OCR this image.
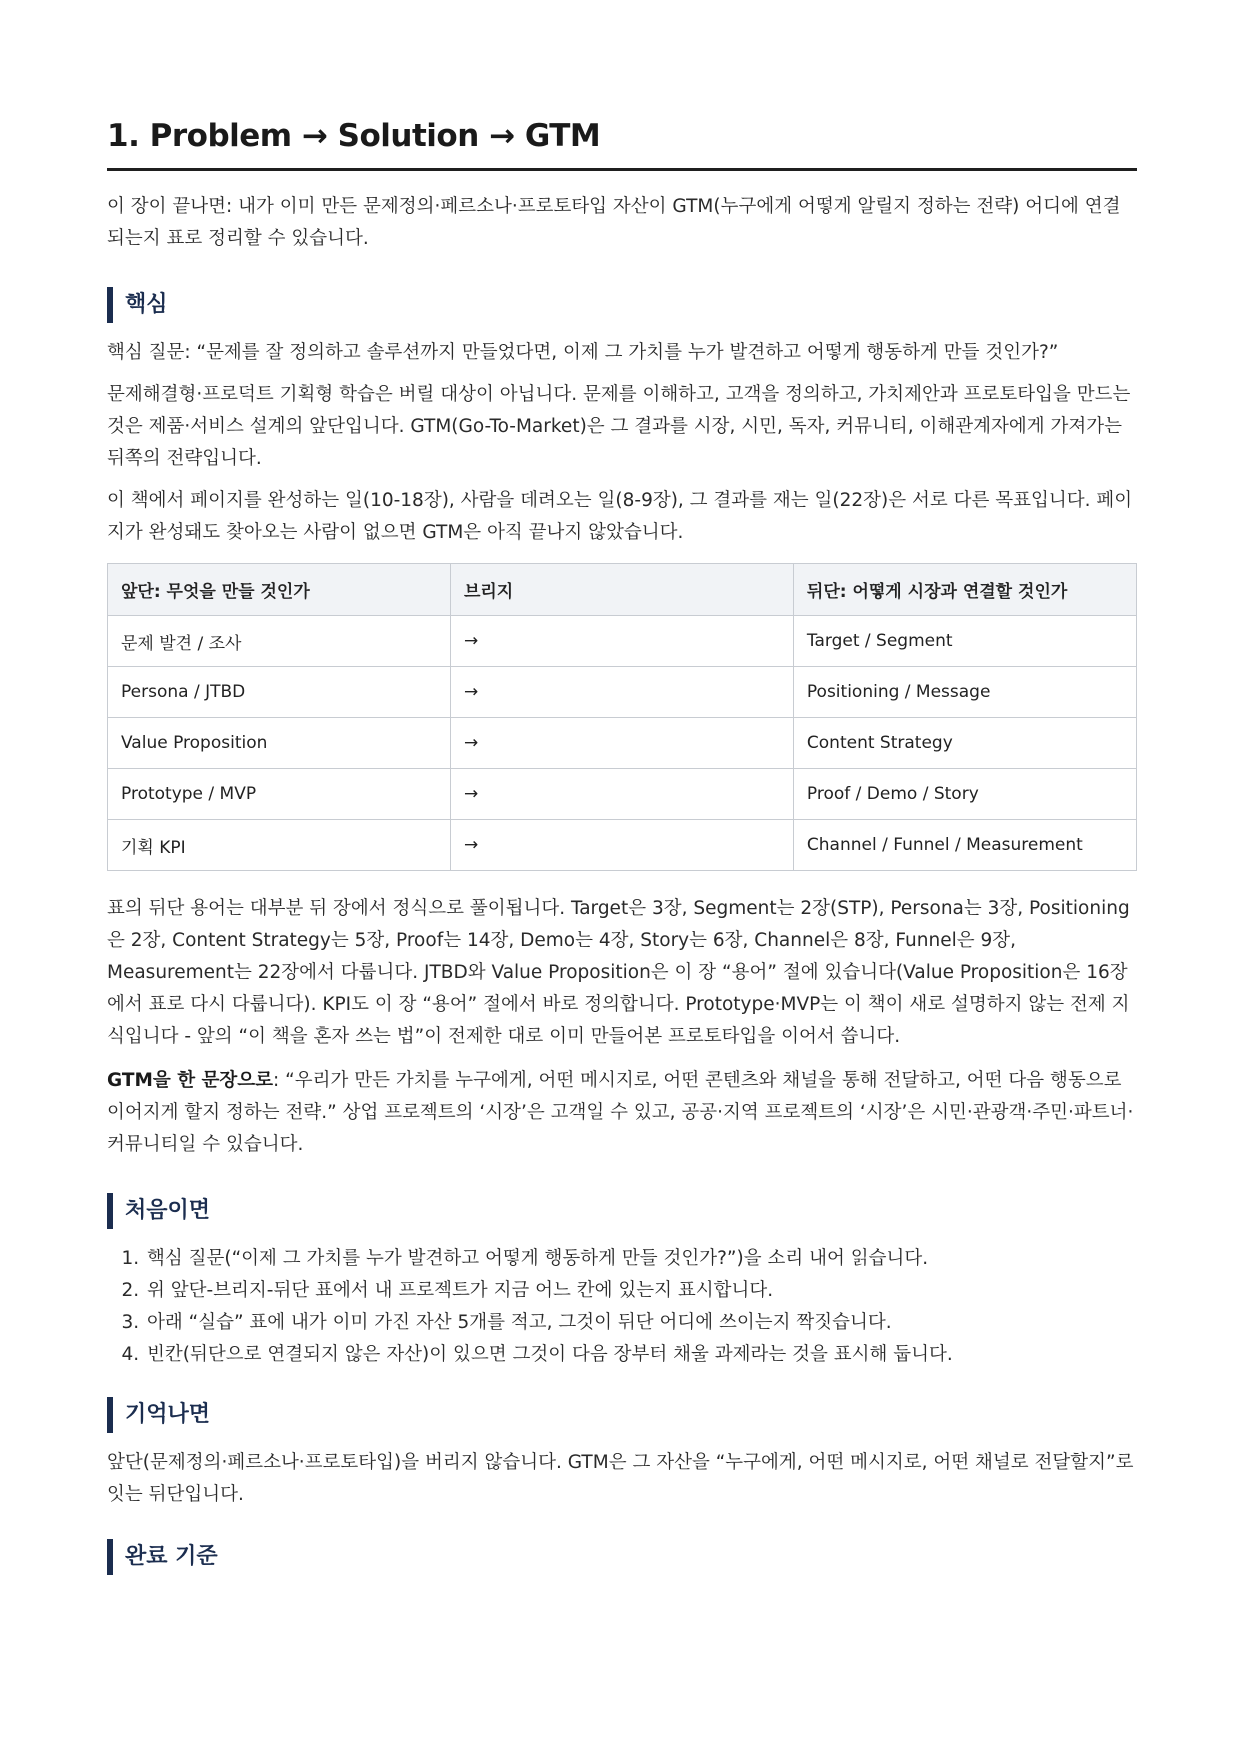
1. Problem → Solution → GTM

이 장이 끝나면: 내가 이미 만든 문제정의·페르소나·프로토타입 자산이 GTM(누구에게 어떻게 알릴지 정하는 전략) 어디에 연결되는지 표로 정리할 수 있습니다.

핵심

핵심 질문: “문제를 잘 정의하고 솔루션까지 만들었다면, 이제 그 가치를 누가 발견하고 어떻게 행동하게 만들 것인가?”

문제해결형·프로덕트 기획형 학습은 버릴 대상이 아닙니다. 문제를 이해하고, 고객을 정의하고, 가치제안과 프로토타입을 만드는 것은 제품·서비스 설계의 앞단입니다. GTM(Go-To-Market)은 그 결과를 시장, 시민, 독자, 커뮤니티, 이해관계자에게 가져가는 뒤쪽의 전략입니다.

이 책에서 페이지를 완성하는 일(10-18장), 사람을 데려오는 일(8-9장), 그 결과를 재는 일(22장)은 서로 다른 목표입니다. 페이지가 완성돼도 찾아오는 사람이 없으면 GTM은 아직 끝나지 않았습니다.

앞단: 무엇을 만들 것인가	브리지	뒤단: 어떻게 시장과 연결할 것인가
문제 발견 / 조사	→	Target / Segment
Persona / JTBD	→	Positioning / Message
Value Proposition	→	Content Strategy
Prototype / MVP	→	Proof / Demo / Story
기획 KPI	→	Channel / Funnel / Measurement

표의 뒤단 용어는 대부분 뒤 장에서 정식으로 풀이됩니다. Target은 3장, Segment는 2장(STP), Persona는 3장, Positioning은 2장, Content Strategy는 5장, Proof는 14장, Demo는 4장, Story는 6장, Channel은 8장, Funnel은 9장, Measurement는 22장에서 다룹니다. JTBD와 Value Proposition은 이 장 “용어” 절에 있습니다(Value Proposition은 16장에서 표로 다시 다룹니다). KPI도 이 장 “용어” 절에서 바로 정의합니다. Prototype·MVP는 이 책이 새로 설명하지 않는 전제 지식입니다 - 앞의 “이 책을 혼자 쓰는 법”이 전제한 대로 이미 만들어본 프로토타입을 이어서 씁니다.

GTM을 한 문장으로: “우리가 만든 가치를 누구에게, 어떤 메시지로, 어떤 콘텐츠와 채널을 통해 전달하고, 어떤 다음 행동으로 이어지게 할지 정하는 전략.” 상업 프로젝트의 ‘시장’은 고객일 수 있고, 공공·지역 프로젝트의 ‘시장’은 시민·관광객·주민·파트너·커뮤니티일 수 있습니다.

처음이면
1. 핵심 질문(“이제 그 가치를 누가 발견하고 어떻게 행동하게 만들 것인가?”)을 소리 내어 읽습니다.
2. 위 앞단-브리지-뒤단 표에서 내 프로젝트가 지금 어느 칸에 있는지 표시합니다.
3. 아래 “실습” 표에 내가 이미 가진 자산 5개를 적고, 그것이 뒤단 어디에 쓰이는지 짝짓습니다.
4. 빈칸(뒤단으로 연결되지 않은 자산)이 있으면 그것이 다음 장부터 채울 과제라는 것을 표시해 둡니다.
기억나면

앞단(문제정의·페르소나·프로토타입)을 버리지 않습니다. GTM은 그 자산을 “누구에게, 어떤 메시지로, 어떤 채널로 전달할지”로 잇는 뒤단입니다.

완료 기준
